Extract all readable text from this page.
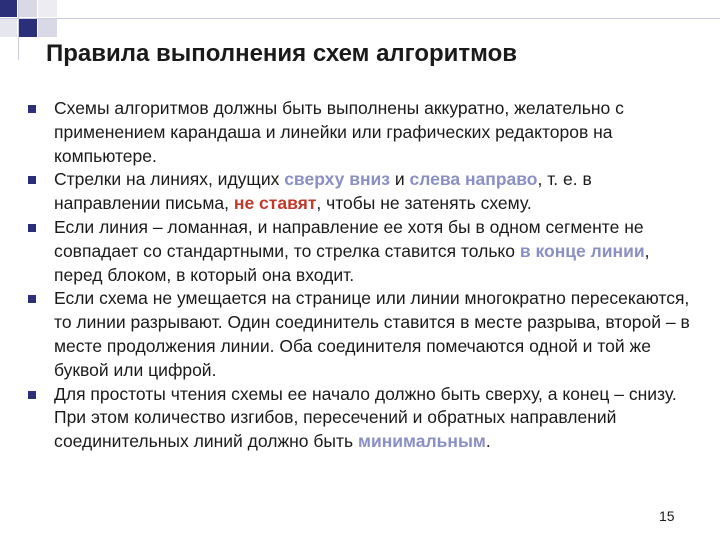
Правила выполнения схем алгоритмов
Схемы алгоритмов должны быть выполнены аккуратно, желательно с применением карандаша и линейки или графических редакторов на компьютере.
Стрелки на линиях, идущих сверху вниз и слева направо, т. е. в направлении письма, не ставят, чтобы не затенять схему.
Если линия – ломанная, и направление ее хотя бы в одном сегменте не совпадает со стандартными, то стрелка ставится только в конце линии, перед блоком, в который она входит.
Если схема не умещается на странице или линии многократно пересекаются, то линии разрывают. Один соединитель ставится в месте разрыва, второй – в месте продолжения линии. Оба соединителя помечаются одной и той же буквой или цифрой.
Для простоты чтения схемы ее начало должно быть сверху, а конец – снизу. При этом количество изгибов, пересечений и обратных направлений соединительных линий должно быть минимальным.
15
